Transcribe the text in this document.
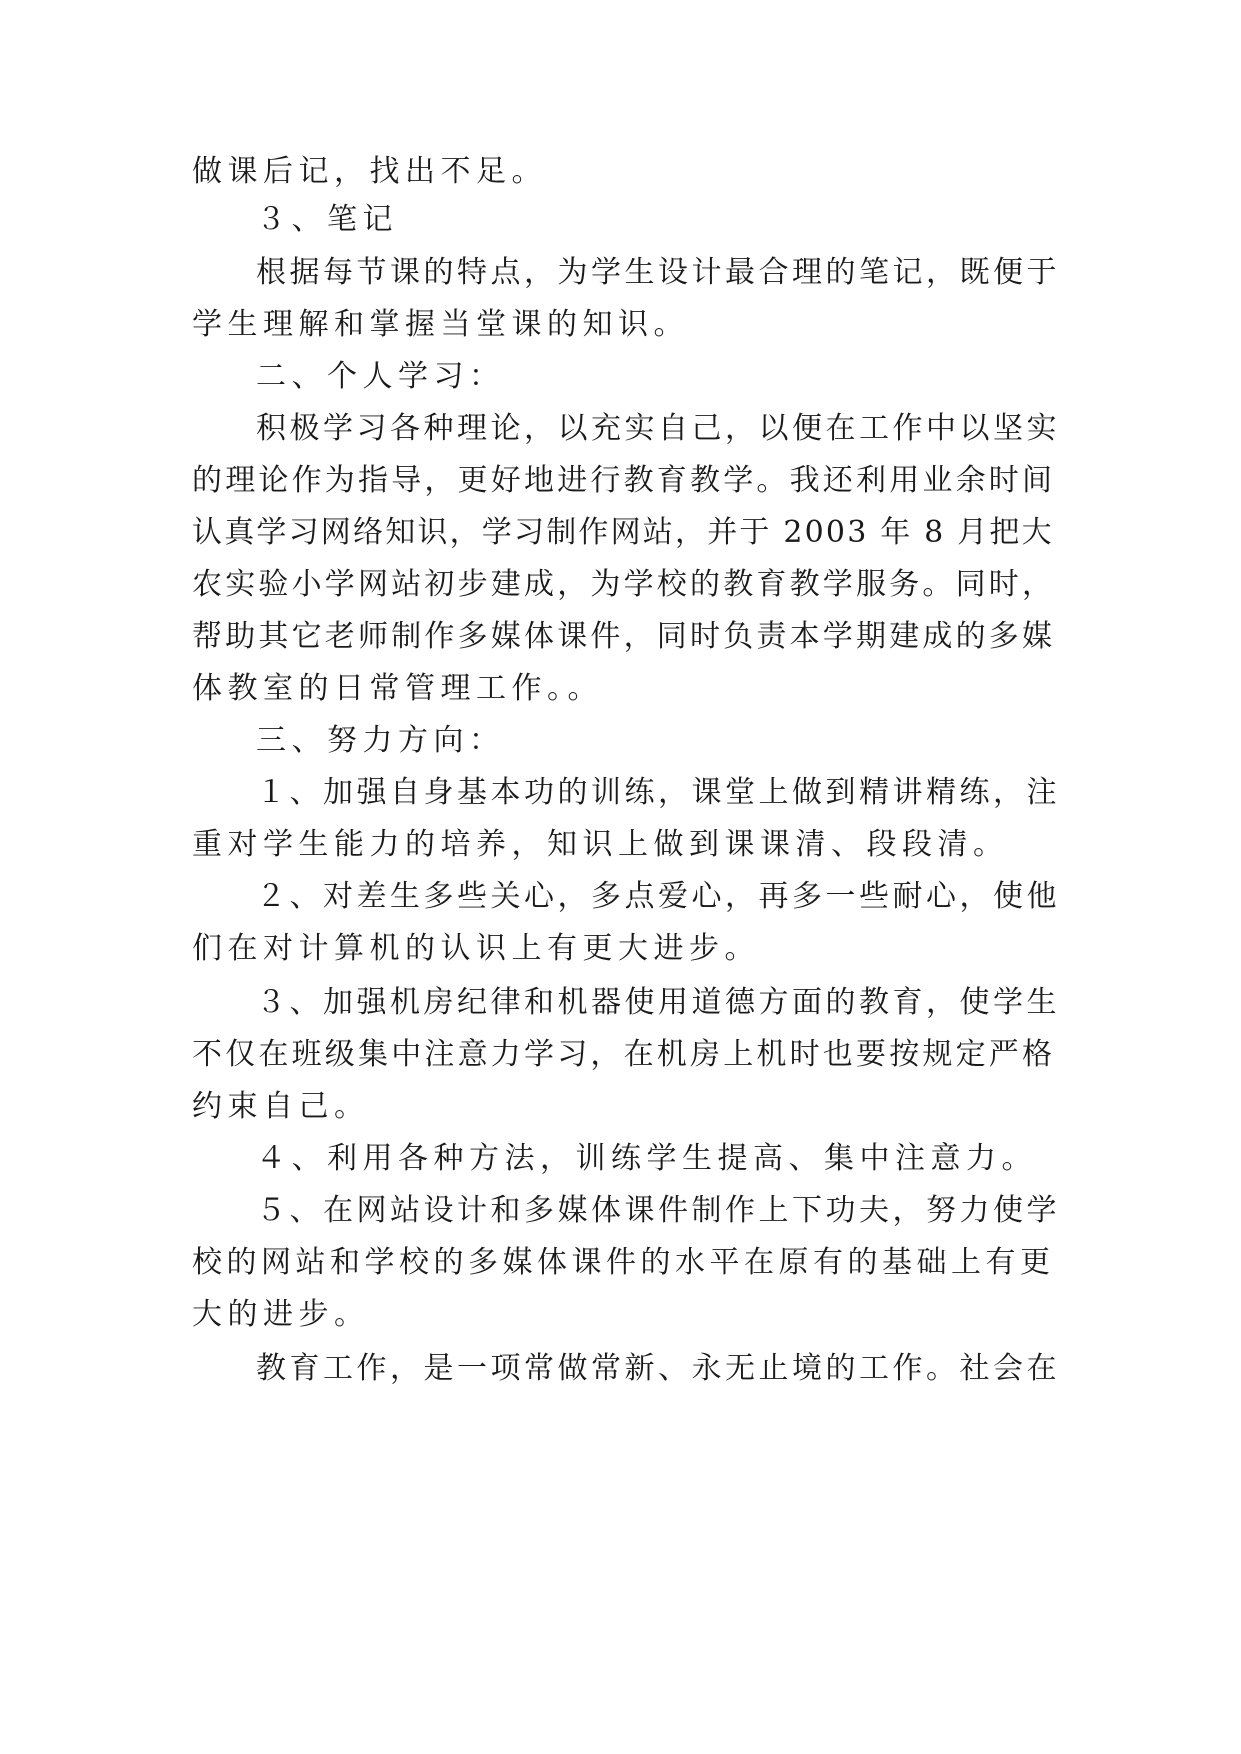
做课后记，找出不足。
３、笔记
根据每节课的特点，为学生设计最合理的笔记，既便于
学生理解和掌握当堂课的知识。
二、个人学习：
积极学习各种理论，以充实自己，以便在工作中以坚实
的理论作为指导，更好地进行教育教学。我还利用业余时间
认真学习网络知识，学习制作网站，并于 2003 年 8 月把大
农实验小学网站初步建成，为学校的教育教学服务。同时，
帮助其它老师制作多媒体课件，同时负责本学期建成的多媒
体教室的日常管理工作。。
三、努力方向：
１、加强自身基本功的训练，课堂上做到精讲精练，注
重对学生能力的培养，知识上做到课课清、段段清。
２、对差生多些关心，多点爱心，再多一些耐心，使他
们在对计算机的认识上有更大进步。
３、加强机房纪律和机器使用道德方面的教育，使学生
不仅在班级集中注意力学习，在机房上机时也要按规定严格
约束自己。
４、利用各种方法，训练学生提高、集中注意力。
５、在网站设计和多媒体课件制作上下功夫，努力使学
校的网站和学校的多媒体课件的水平在原有的基础上有更
大的进步。
教育工作，是一项常做常新、永无止境的工作。社会在
